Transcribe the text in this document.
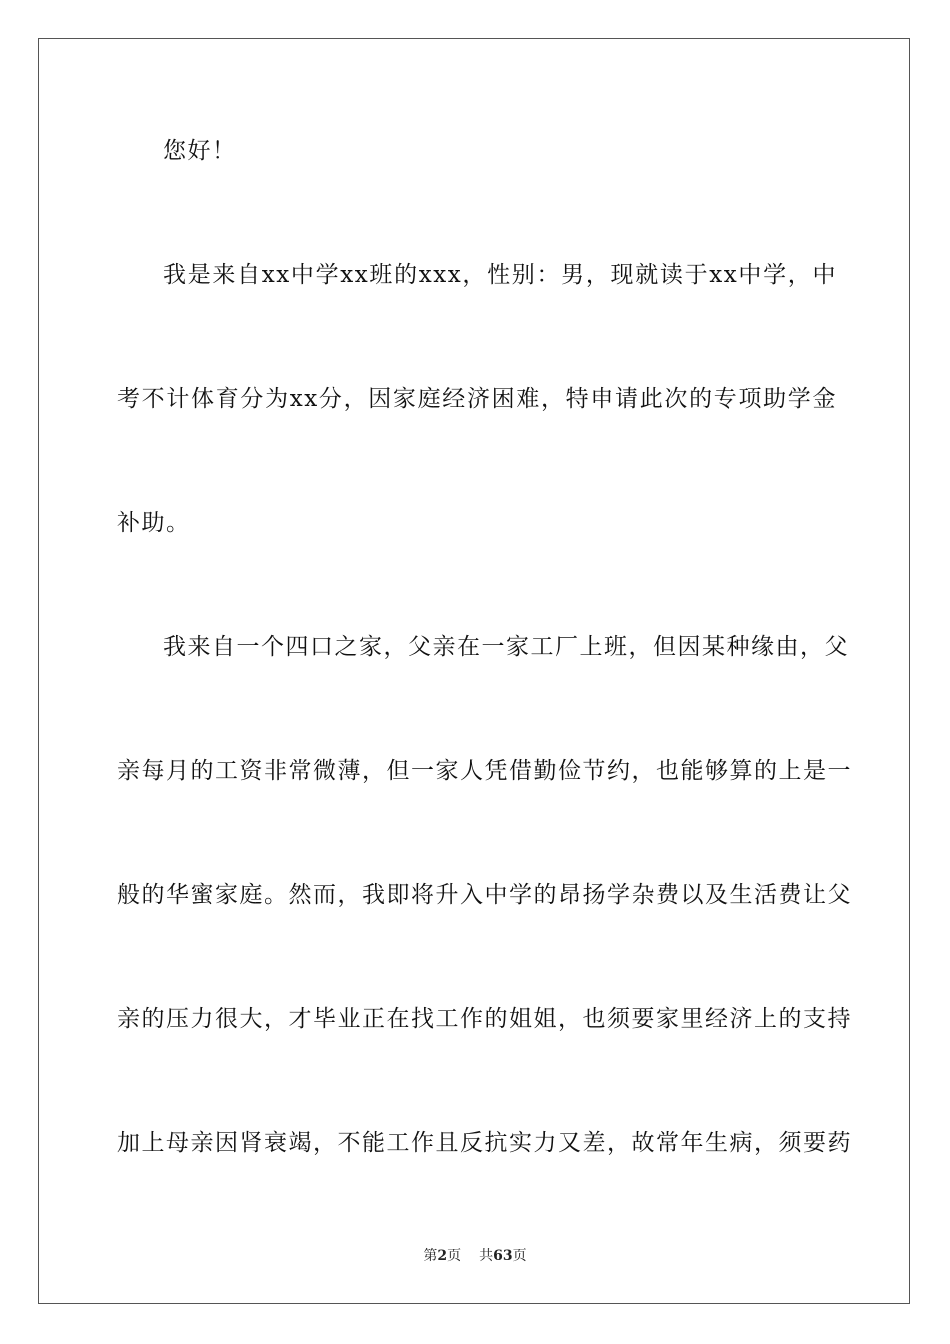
您好！
我是来自xx中学xx班的xxx，性别：男，现就读于xx中学，中
考不计体育分为xx分，因家庭经济困难，特申请此次的专项助学金
补助。
我来自一个四口之家，父亲在一家工厂上班，但因某种缘由，父
亲每月的工资非常微薄，但一家人凭借勤俭节约，也能够算的上是一
般的华蜜家庭。然而，我即将升入中学的昂扬学杂费以及生活费让父
亲的压力很大，才毕业正在找工作的姐姐，也须要家里经济上的支持
加上母亲因肾衰竭，不能工作且反抗实力又差，故常年生病，须要药
第2页 共63页
